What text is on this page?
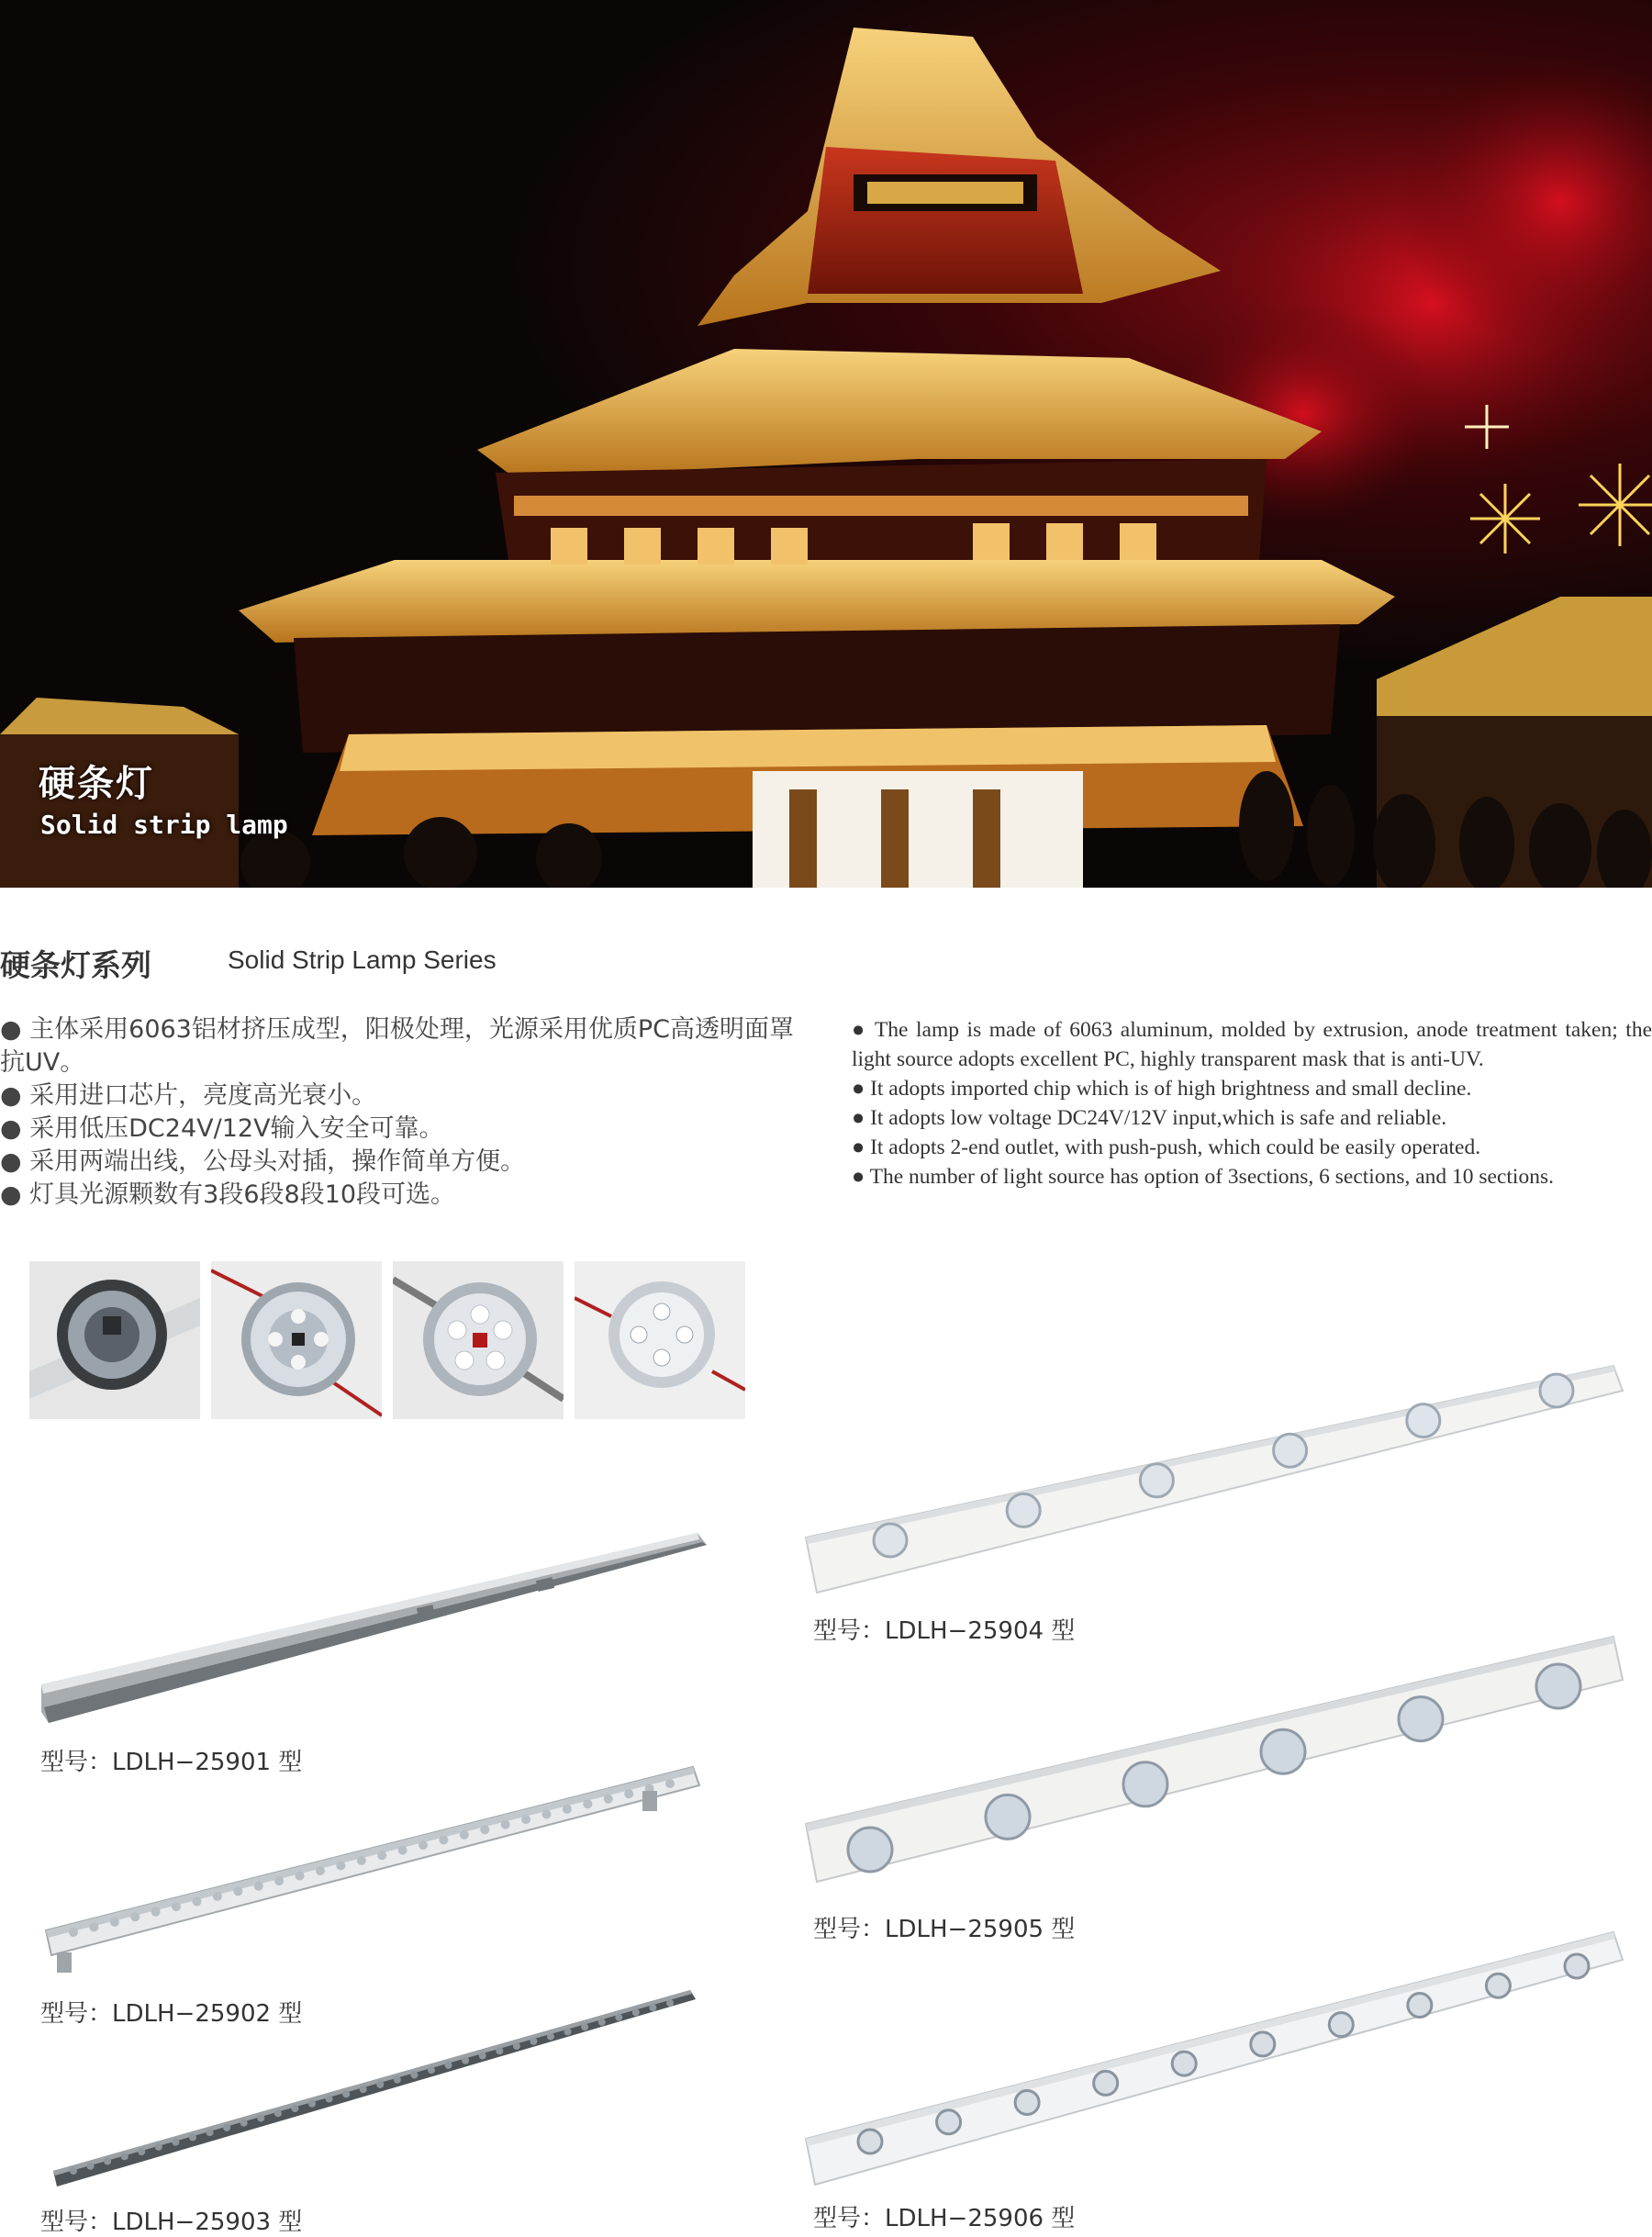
硬条灯
Solid strip lamp
硬条灯系列	Solid Strip Lamp Series

● 主体采用6063铝材挤压成型，阳极处理，光源采用优质PC高透明面罩抗UV。

● 采用进口芯片，亮度高光衰小。

● 采用低压DC24V/12V输入安全可靠。

● 采用两端出线，公母头对插，操作简单方便。

● 灯具光源颗数有3段6段8段10段可选。

● The lamp is made of 6063 aluminum, molded by extrusion, anode treatment taken; the light source adopts excellent PC, highly transparent mask that is anti-UV.

● It adopts imported chip which is of high brightness and small decline.

● It adopts low voltage DC24V/12V input,which is safe and reliable.

● It adopts 2-end outlet, with push-push, which could be easily operated.

● The number of light source has option of 3sections, 6 sections, and 10 sections.

型号：LDLH−25901 型
型号：LDLH−25902 型
型号：LDLH−25903 型
型号：LDLH−25904 型
型号：LDLH−25905 型
型号：LDLH−25906 型
